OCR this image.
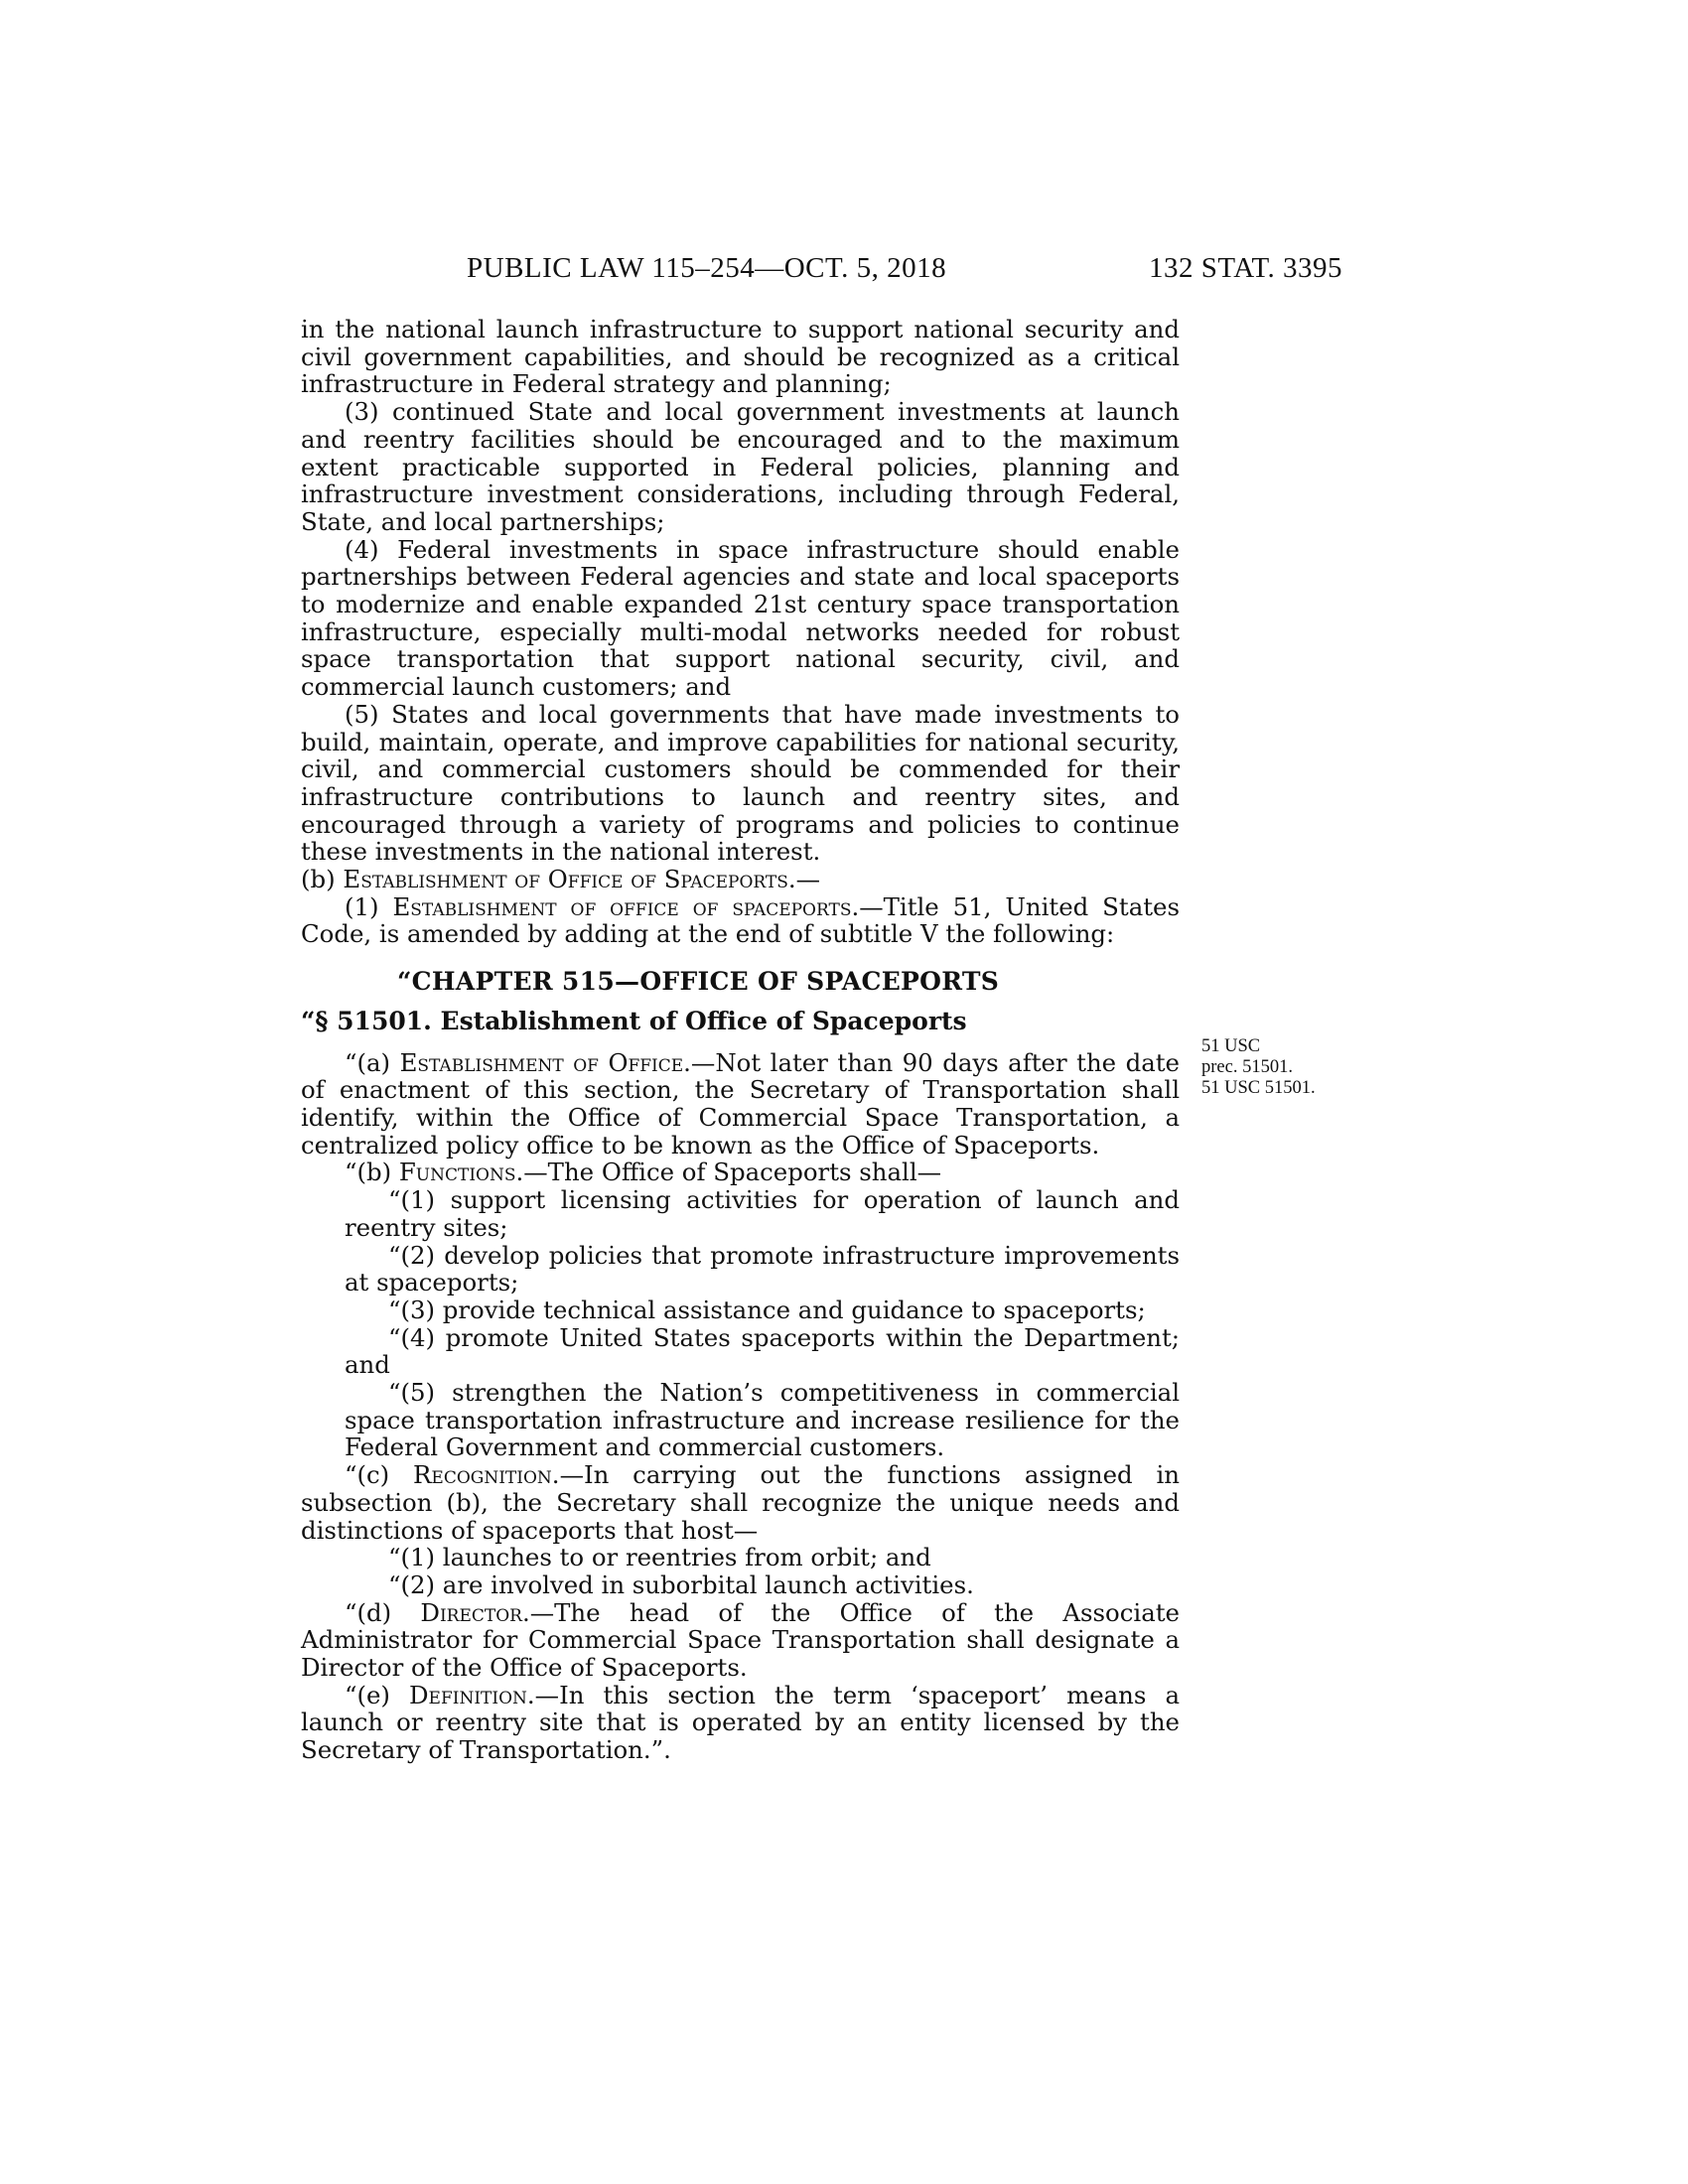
PUBLIC LAW 115–254—OCT. 5, 2018	132 STAT. 3395

in the national launch infrastructure to support national security and civil government capabilities, and should be recognized as a critical infrastructure in Federal strategy and planning;

(3) continued State and local government investments at launch and reentry facilities should be encouraged and to the maximum extent practicable supported in Federal policies, planning and infrastructure investment considerations, including through Federal, State, and local partnerships;

(4) Federal investments in space infrastructure should enable partnerships between Federal agencies and state and local spaceports to modernize and enable expanded 21st century space transportation infrastructure, especially multi-modal networks needed for robust space transportation that support national security, civil, and commercial launch customers; and

(5) States and local governments that have made investments to build, maintain, operate, and improve capabilities for national security, civil, and commercial customers should be commended for their infrastructure contributions to launch and reentry sites, and encouraged through a variety of programs and policies to continue these investments in the national interest.

(b) Establishment of Office of Spaceports.—

(1) Establishment of office of spaceports.—Title 51, United States Code, is amended by adding at the end of subtitle V the following:

“CHAPTER 515—OFFICE OF SPACEPORTS

“§ 51501. Establishment of Office of Spaceports

“(a) Establishment of Office.—Not later than 90 days after the date of enactment of this section, the Secretary of Transportation shall identify, within the Office of Commercial Space Transportation, a centralized policy office to be known as the Office of Spaceports.

“(b) Functions.—The Office of Spaceports shall—

“(1) support licensing activities for operation of launch and reentry sites;

“(2) develop policies that promote infrastructure improvements at spaceports;

“(3) provide technical assistance and guidance to spaceports;

“(4) promote United States spaceports within the Department; and

“(5) strengthen the Nation’s competitiveness in commercial space transportation infrastructure and increase resilience for the Federal Government and commercial customers.

“(c) Recognition.—In carrying out the functions assigned in subsection (b), the Secretary shall recognize the unique needs and distinctions of spaceports that host—

“(1) launches to or reentries from orbit; and

“(2) are involved in suborbital launch activities.

“(d) Director.—The head of the Office of the Associate Administrator for Commercial Space Transportation shall designate a Director of the Office of Spaceports.

“(e) Definition.—In this section the term ‘spaceport’ means a launch or reentry site that is operated by an entity licensed by the Secretary of Transportation.”.

51 USC
prec. 51501.
51 USC 51501.
